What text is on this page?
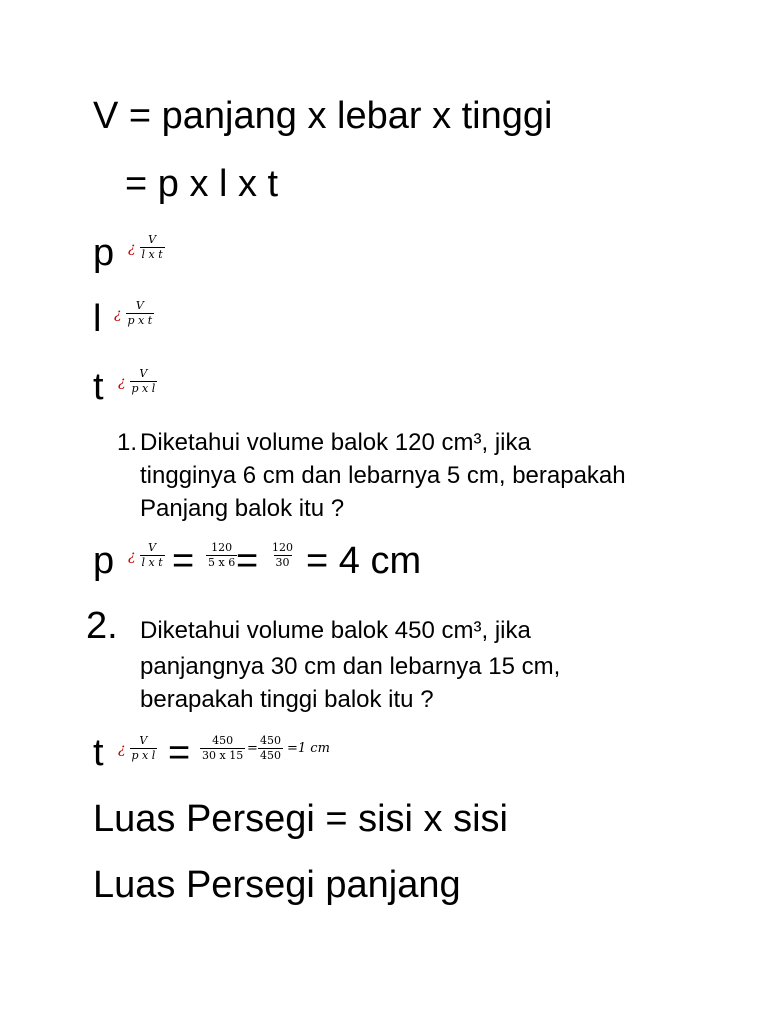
V = panjang x lebar x tinggi
= p x l x t
p ¿ $\frac{V}{\text{l x t}}$
l ¿ $\frac{V}{\text{p x t}}$
t ¿ $\frac{V}{\text{p x l}}$
1. Diketahui volume balok 120 cm³, jika
tingginya 6 cm dan lebarnya 5 cm, berapakah
Panjang balok itu ?
p ¿ $\frac{V}{\text{l x t}} = \frac{120}{5 x 6}$
= $\frac{120}{30} = 4$ cm
2. Diketahui volume balok 450 cm³, jika
panjangnya 30 cm dan lebarnya 15 cm,
berapakah tinggi balok itu ?
t ¿ $\frac{V}{\text{p x l}} = \frac{450}{30 x 15} = \frac{450}{450} =1$ cm
Luas Persegi = sisi x sisi
Luas Persegi panjang
